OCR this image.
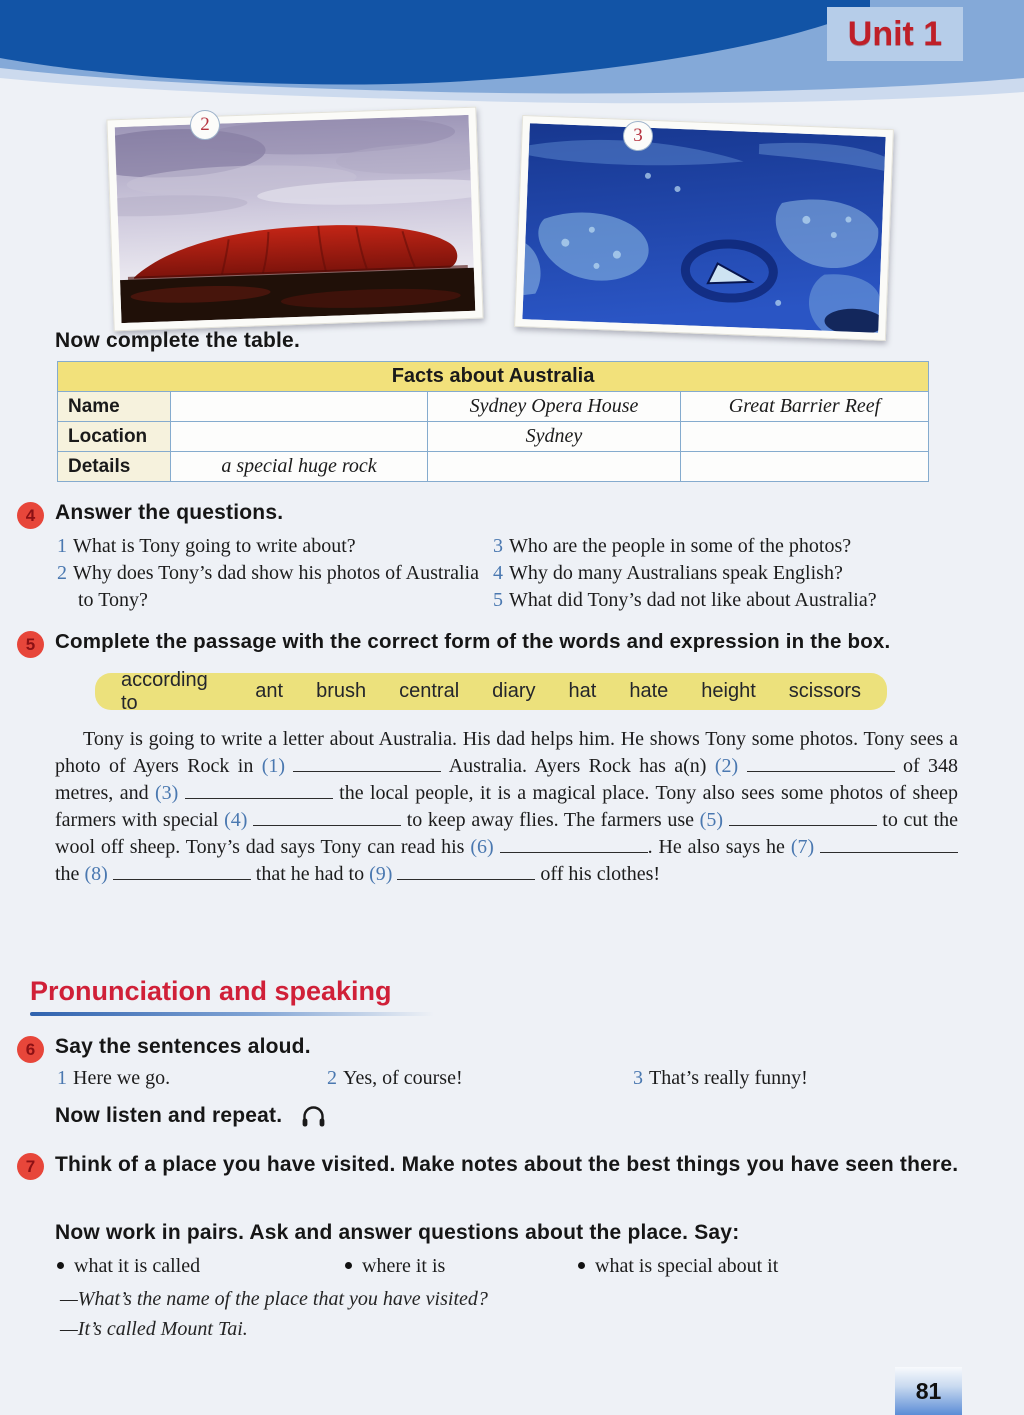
Unit 1
2
3
Now complete the table.
Facts about Australia			
Name		Sydney Opera House	Great Barrier Reef
Location		Sydney	
Details	a special huge rock		
4 Answer the questions.
1 What is Tony going to write about?
2 Why does Tony’s dad show his photos of Australia to Tony?
3 Who are the people in some of the photos?
4 Why do many Australians speak English?
5 What did Tony’s dad not like about Australia?
5 Complete the passage with the correct form of the words and expression in the box.
according to
ant brush central diary hat hate height scissors

Tony is going to write a letter about Australia. His dad helps him. He shows Tony some photos. Tony sees a photo of Ayers Rock in (1)	Australia. Ayers Rock has a(n) (2)	of 348 metres, and (3)	the local people, it is a magical place. Tony also sees some photos of sheep farmers with special (4)	to keep away flies. The farmers use (5)	to cut the wool off sheep. Tony’s dad says Tony can read his (6)	. He also says he (7)  the (8)	that he had to (9)	off his clothes!

Pronunciation and speaking
6 Say the sentences aloud.
1 Here we go.	2 Yes, of course!	3 That’s really funny!
Now listen and repeat.
7 Think of a place you have visited. Make notes about the best things you have seen there.
Now work in pairs. Ask and answer questions about the place. Say:
what it is called	where it is	what is special about it
—What’s the name of the place that you have visited?
—It’s called Mount Tai.
81
